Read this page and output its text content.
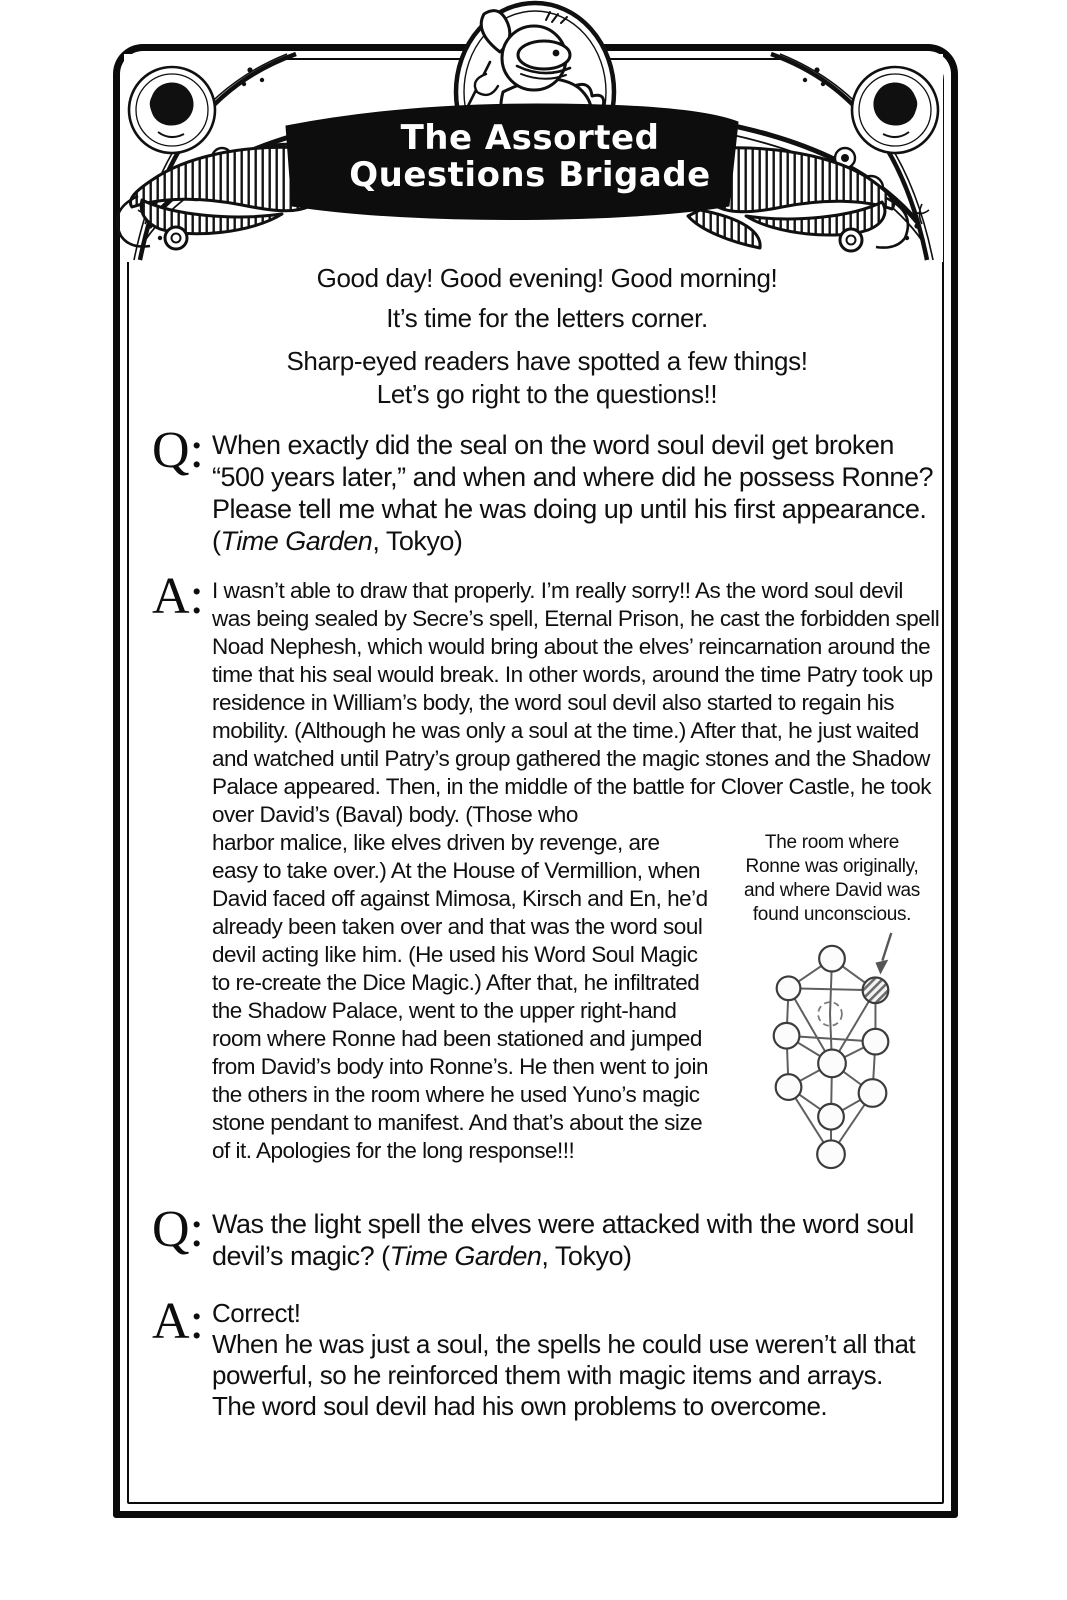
The Assorted
Questions Brigade
Good day! Good evening! Good morning!
It’s time for the letters corner.
Sharp-eyed readers have spotted a few things!
Let’s go right to the questions!!
Q: When exactly did the seal on the word soul devil get broken “500 years later,” and when and where did he possess Ronne? Please tell me what he was doing up until his first appearance. (Time Garden, Tokyo)
A: I wasn’t able to draw that properly. I’m really sorry!! As the word soul devil was being sealed by Secre’s spell, Eternal Prison, he cast the forbidden spell Noad Nephesh, which would bring about the elves’ reincarnation around the time that his seal would break. In other words, around the time Patry took up residence in William’s body, the word soul devil also started to regain his mobility. (Although he was only a soul at the time.) After that, he just waited and watched until Patry’s group gathered the magic stones and the Shadow Palace appeared. Then, in the middle of the battle for Clover Castle, he took over David’s (Baval) body. (Those who

The room where
Ronne was originally,
and where David was
found unconscious.

harbor malice, like elves driven by revenge, are easy to take over.) At the House of Vermillion, when David faced off against Mimosa, Kirsch and En, he’d already been taken over and that was the word soul devil acting like him. (He used his Word Soul Magic to re-create the Dice Magic.) After that, he infiltrated the Shadow Palace, went to the upper right-hand room where Ronne had been stationed and jumped from David’s body into Ronne’s. He then went to join the others in the room where he used Yuno’s magic stone pendant to manifest. And that’s about the size of it. Apologies for the long response!!!

Q: Was the light spell the elves were attacked with the word soul devil’s magic? (Time Garden, Tokyo)
A: Correct!

When he was just a soul, the spells he could use weren’t all that powerful, so he reinforced them with magic items and arrays.

The word soul devil had his own problems to overcome.
